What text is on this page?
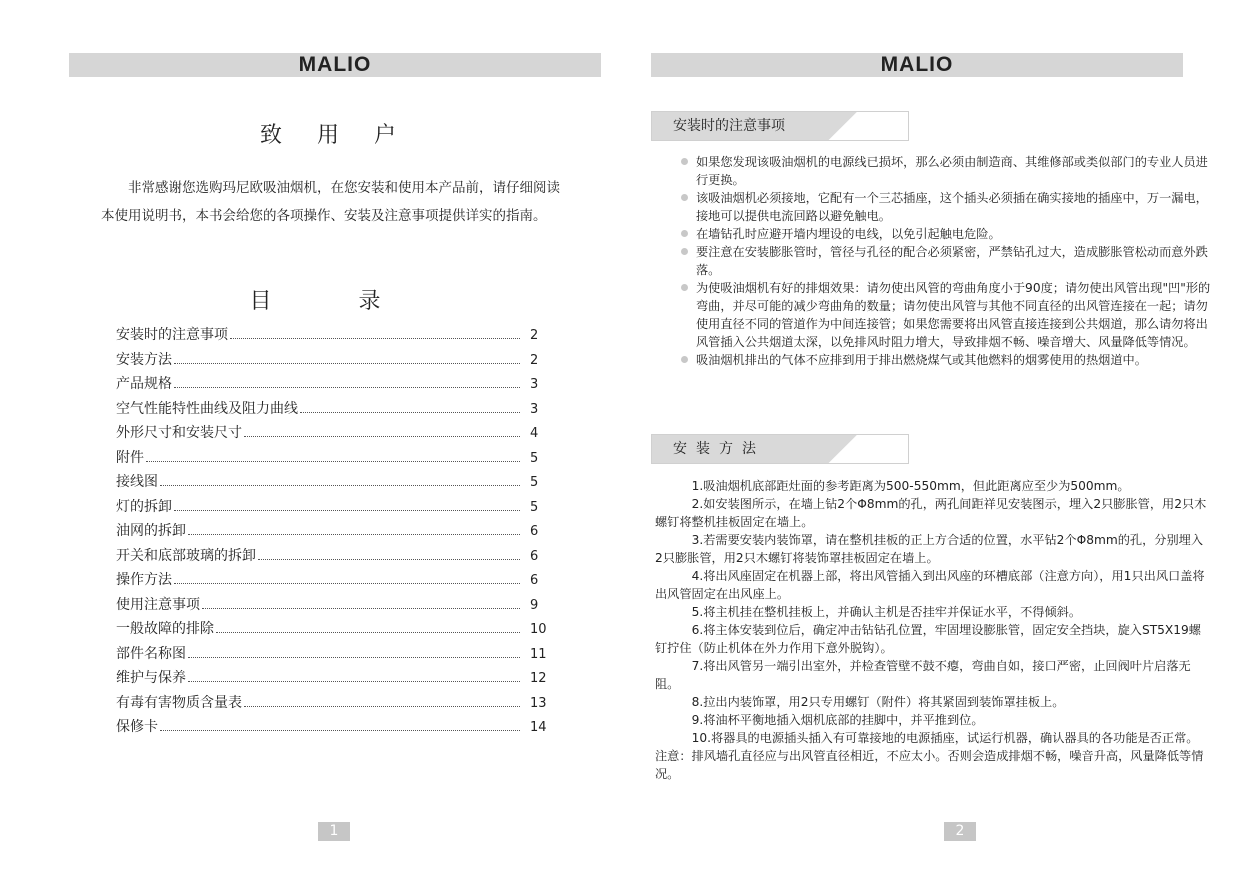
MALIO
致 用 户

非常感谢您选购玛尼欧吸油烟机，在您安装和使用本产品前，请仔细阅读本使用说明书，本书会给您的各项操作、安装及注意事项提供详实的指南。

目 录
安装时的注意事项	2
安装方法	2
产品规格	3
空气性能特性曲线及阻力曲线	3
外形尺寸和安装尺寸	4
附件	5
接线图	5
灯的拆卸	5
油网的拆卸	6
开关和底部玻璃的拆卸	6
操作方法	6
使用注意事项	9
一般故障的排除	10
部件名称图	11
维护与保养	12
有毒有害物质含量表	13
保修卡	14
1
MALIO
安装时的注意事项
如果您发现该吸油烟机的电源线已损坏，那么必须由制造商、其维修部或类似部门的专业人员进行更换。
该吸油烟机必须接地，它配有一个三芯插座，这个插头必须插在确实接地的插座中，万一漏电，接地可以提供电流回路以避免触电。
在墙钻孔时应避开墙内埋设的电线，以免引起触电危险。
要注意在安装膨胀管时，管径与孔径的配合必须紧密，严禁钻孔过大，造成膨胀管松动而意外跌落。
为使吸油烟机有好的排烟效果：请勿使出风管的弯曲角度小于90度；请勿使出风管出现"凹"形的弯曲，并尽可能的减少弯曲角的数量；请勿使出风管与其他不同直径的出风管连接在一起；请勿使用直径不同的管道作为中间连接管；如果您需要将出风管直接连接到公共烟道，那么请勿将出风管插入公共烟道太深，以免排风时阻力增大，导致排烟不畅、噪音增大、风量降低等情况。
吸油烟机排出的气体不应排到用于排出燃烧煤气或其他燃料的烟雾使用的热烟道中。
安装方法

1.吸油烟机底部距灶面的参考距离为500-550mm，但此距离应至少为500mm。

2.如安装图所示，在墙上钻2个Φ8mm的孔，两孔间距祥见安装图示，埋入2只膨胀管，用2只木螺钉将整机挂板固定在墙上。

3.若需要安装内装饰罩，请在整机挂板的正上方合适的位置，水平钻2个Φ8mm的孔，分别埋入2只膨胀管，用2只木螺钉将装饰罩挂板固定在墙上。

4.将出风座固定在机器上部，将出风管插入到出风座的环槽底部（注意方向），用1只出风口盖将出风管固定在出风座上。

5.将主机挂在整机挂板上，并确认主机是否挂牢并保证水平，不得倾斜。

6.将主体安装到位后，确定冲击钻钻孔位置，牢固埋设膨胀管，固定安全挡块，旋入ST5X19螺钉拧住（防止机体在外力作用下意外脱钩）。

7.将出风管另一端引出室外，并检查管壁不鼓不瘪，弯曲自如，接口严密，止回阀叶片启落无阻。

8.拉出内装饰罩，用2只专用螺钉（附件）将其紧固到装饰罩挂板上。

9.将油杯平衡地插入烟机底部的挂脚中，并平推到位。

10.将器具的电源插头插入有可靠接地的电源插座，试运行机器，确认器具的各功能是否正常。

注意：排风墙孔直径应与出风管直径相近，不应太小。否则会造成排烟不畅，噪音升高，风量降低等情况。

2
